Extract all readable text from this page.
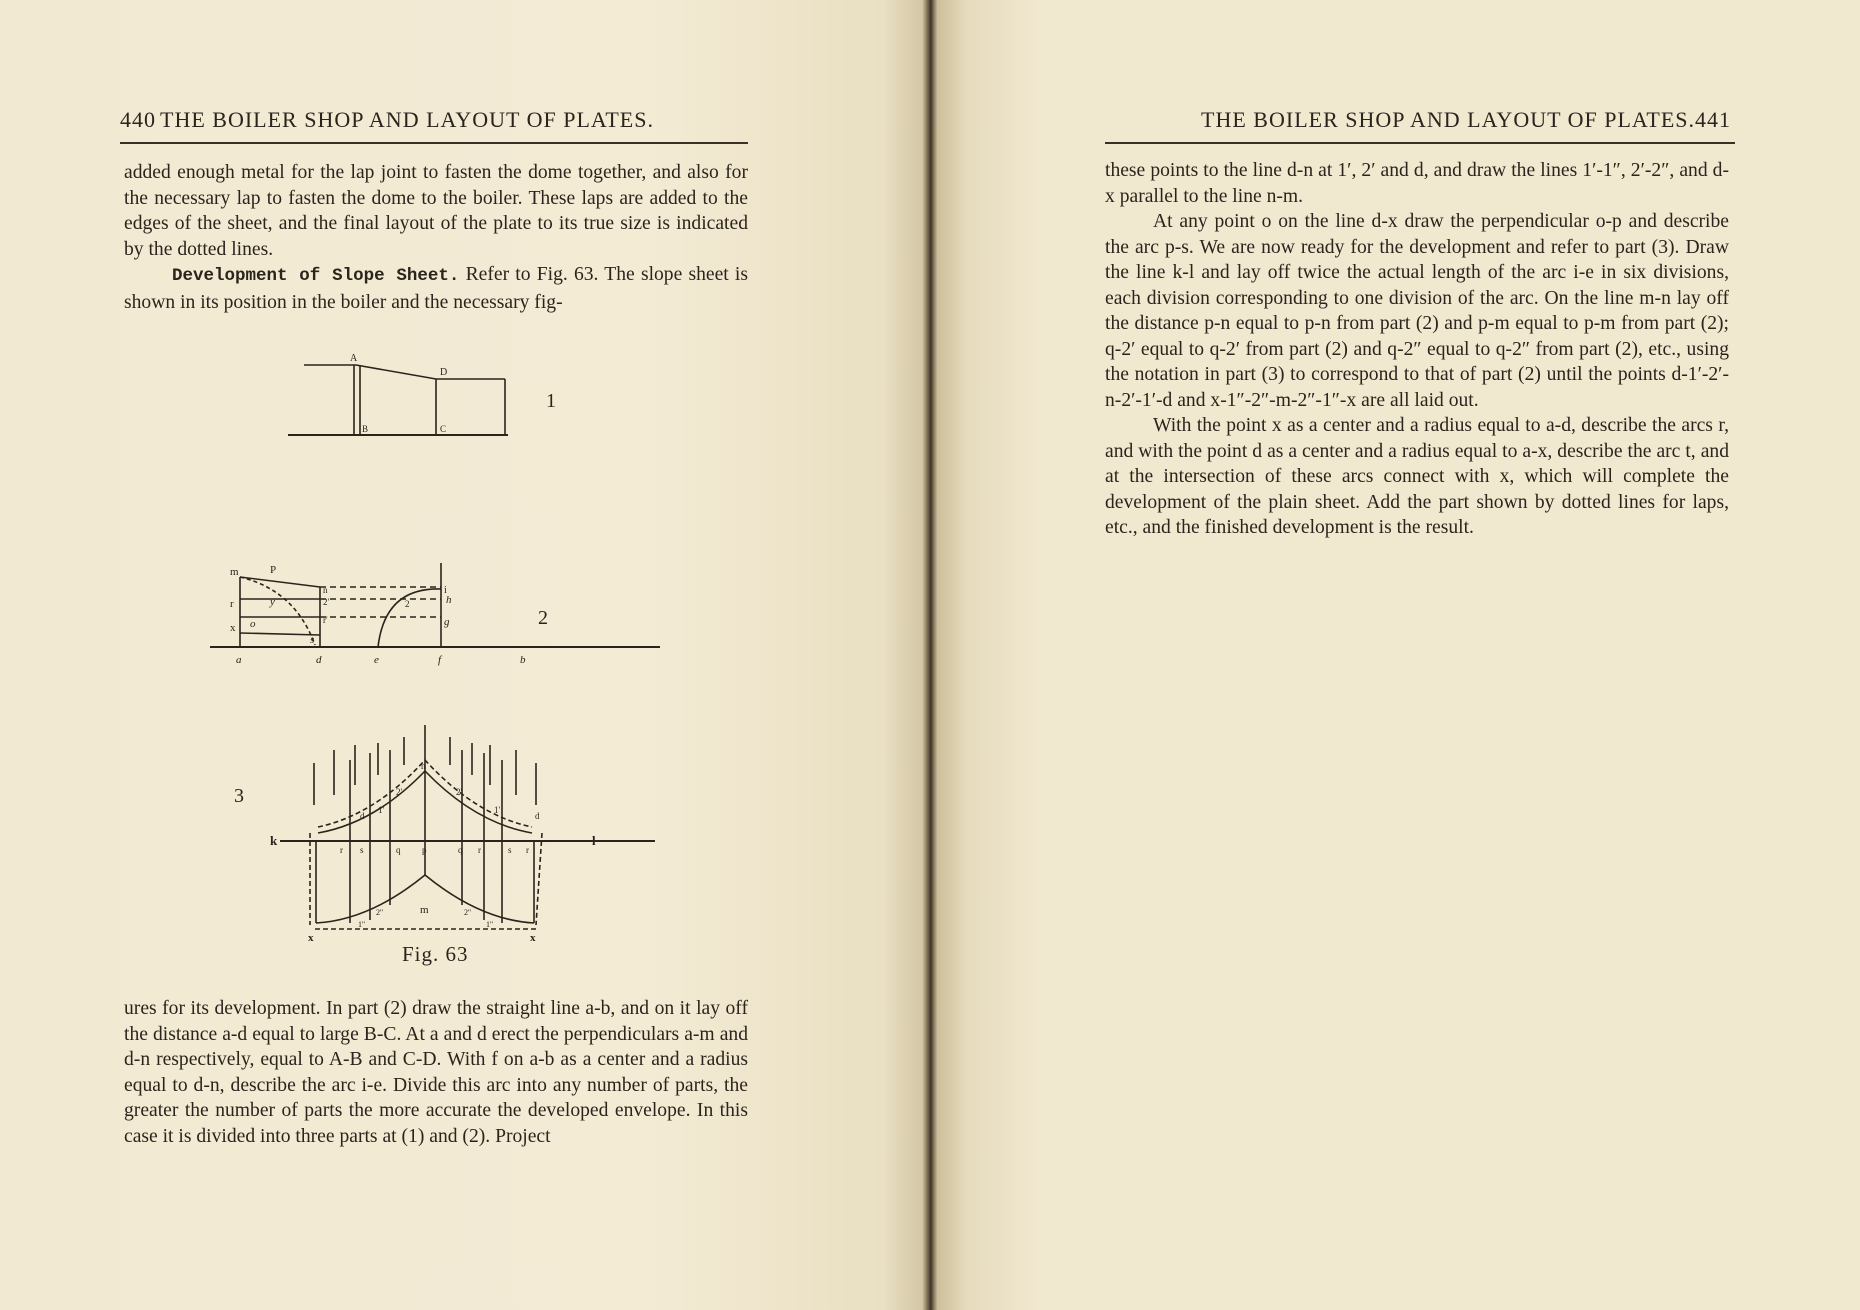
440 THE BOILER SHOP AND LAYOUT OF PLATES.

added enough metal for the lap joint to fasten the dome together, and also for the necessary lap to fasten the dome to the boiler. These laps are added to the edges of the sheet, and the final layout of the plate to its true size is indicated by the dotted lines.

Development of Slope Sheet. Refer to Fig. 63. The slope sheet is shown in its position in the boiler and the necessary fig-

A
D
B	C
m	P
r
x
y
o
s
n
2'
r'
2
i
h
g
a	d	e	f	b
k	l
d	d
n
2'	2'
1'	1'
r s	q p	q r	s r
m
2''	2''
1''	1''
x	x
1
2
3
Fig. 63

ures for its development. In part (2) draw the straight line a-b, and on it lay off the distance a-d equal to large B-C. At a and d erect the perpendiculars a-m and d-n respectively, equal to A-B and C-D. With f on a-b as a center and a radius equal to d-n, describe the arc i-e. Divide this arc into any number of parts, the greater the number of parts the more accurate the developed envelope. In this case it is divided into three parts at (1) and (2). Project

THE BOILER SHOP AND LAYOUT OF PLATES.441

these points to the line d-n at 1′, 2′ and d, and draw the lines 1′-1″, 2′-2″, and d-x parallel to the line n-m.

At any point o on the line d-x draw the perpendicular o-p and describe the arc p-s. We are now ready for the development and refer to part (3). Draw the line k-l and lay off twice the actual length of the arc i-e in six divisions, each division corresponding to one division of the arc. On the line m-n lay off the distance p-n equal to p-n from part (2) and p-m equal to p-m from part (2); q-2′ equal to q-2′ from part (2) and q-2″ equal to q-2″ from part (2), etc., using the notation in part (3) to correspond to that of part (2) until the points d-1′-2′-n-2′-1′-d and x-1″-2″-m-2″-1″-x are all laid out.

With the point x as a center and a radius equal to a-d, describe the arcs r, and with the point d as a center and a radius equal to a-x, describe the arc t, and at the intersection of these arcs connect with x, which will complete the development of the plain sheet. Add the part shown by dotted lines for laps, etc., and the finished development is the result.
